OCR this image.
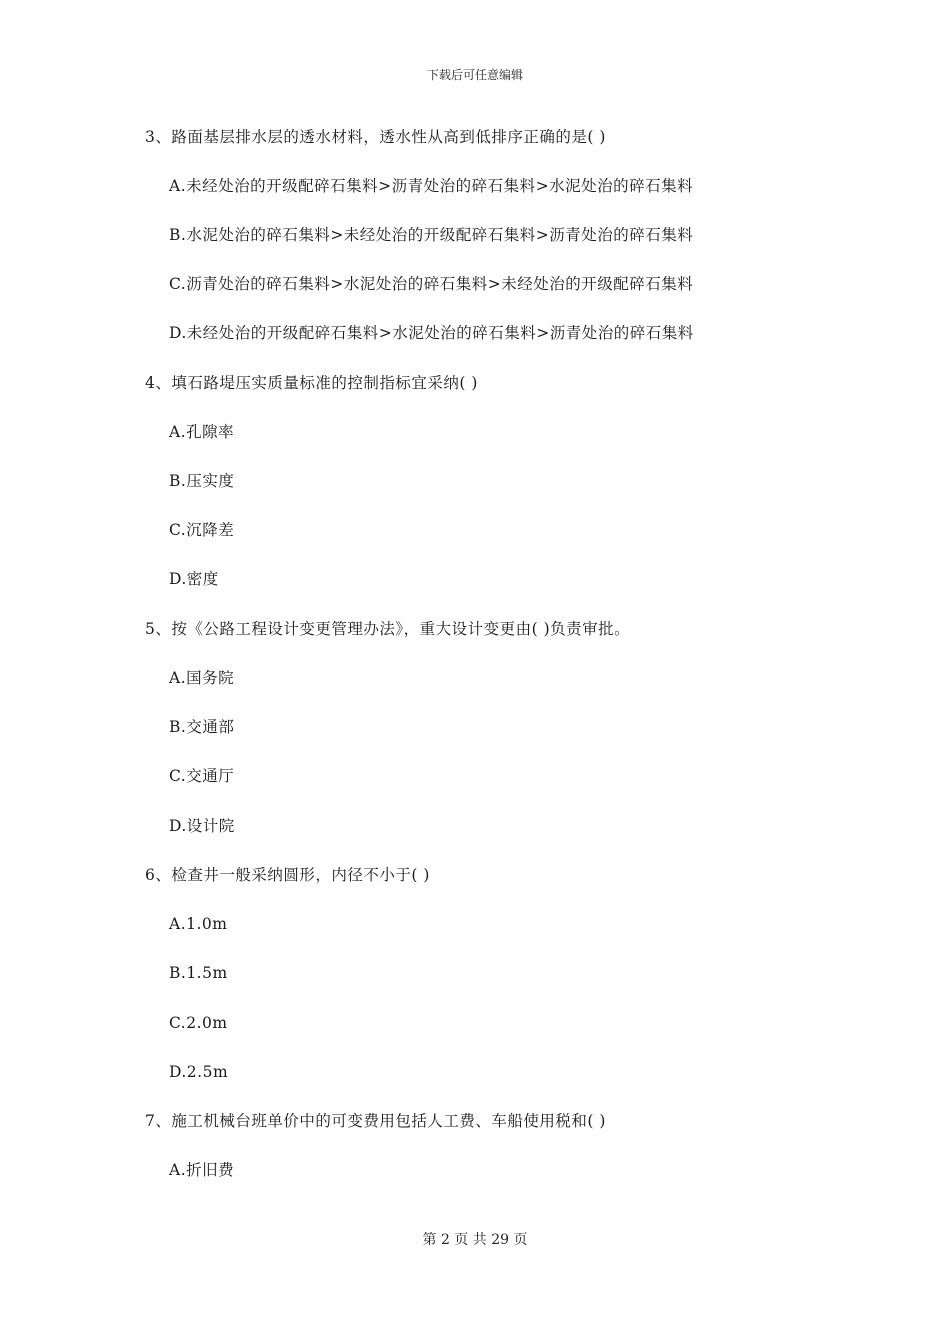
下载后可任意编辑
3、路面基层排水层的透水材料，透水性从高到低排序正确的是( )
A.未经处治的开级配碎石集料>沥青处治的碎石集料>水泥处治的碎石集料
B.水泥处治的碎石集料>未经处治的开级配碎石集料>沥青处治的碎石集料
C.沥青处治的碎石集料>水泥处治的碎石集料>未经处治的开级配碎石集料
D.未经处治的开级配碎石集料>水泥处治的碎石集料>沥青处治的碎石集料
4、填石路堤压实质量标准的控制指标宜采纳( )
A.孔隙率
B.压实度
C.沉降差
D.密度
5、按《公路工程设计变更管理办法》，重大设计变更由( )负责审批。
A.国务院
B.交通部
C.交通厅
D.设计院
6、检查井一般采纳圆形，内径不小于( )
A.1.0m
B.1.5m
C.2.0m
D.2.5m
7、施工机械台班单价中的可变费用包括人工费、车船使用税和( )
A.折旧费
第 2 页 共 29 页
